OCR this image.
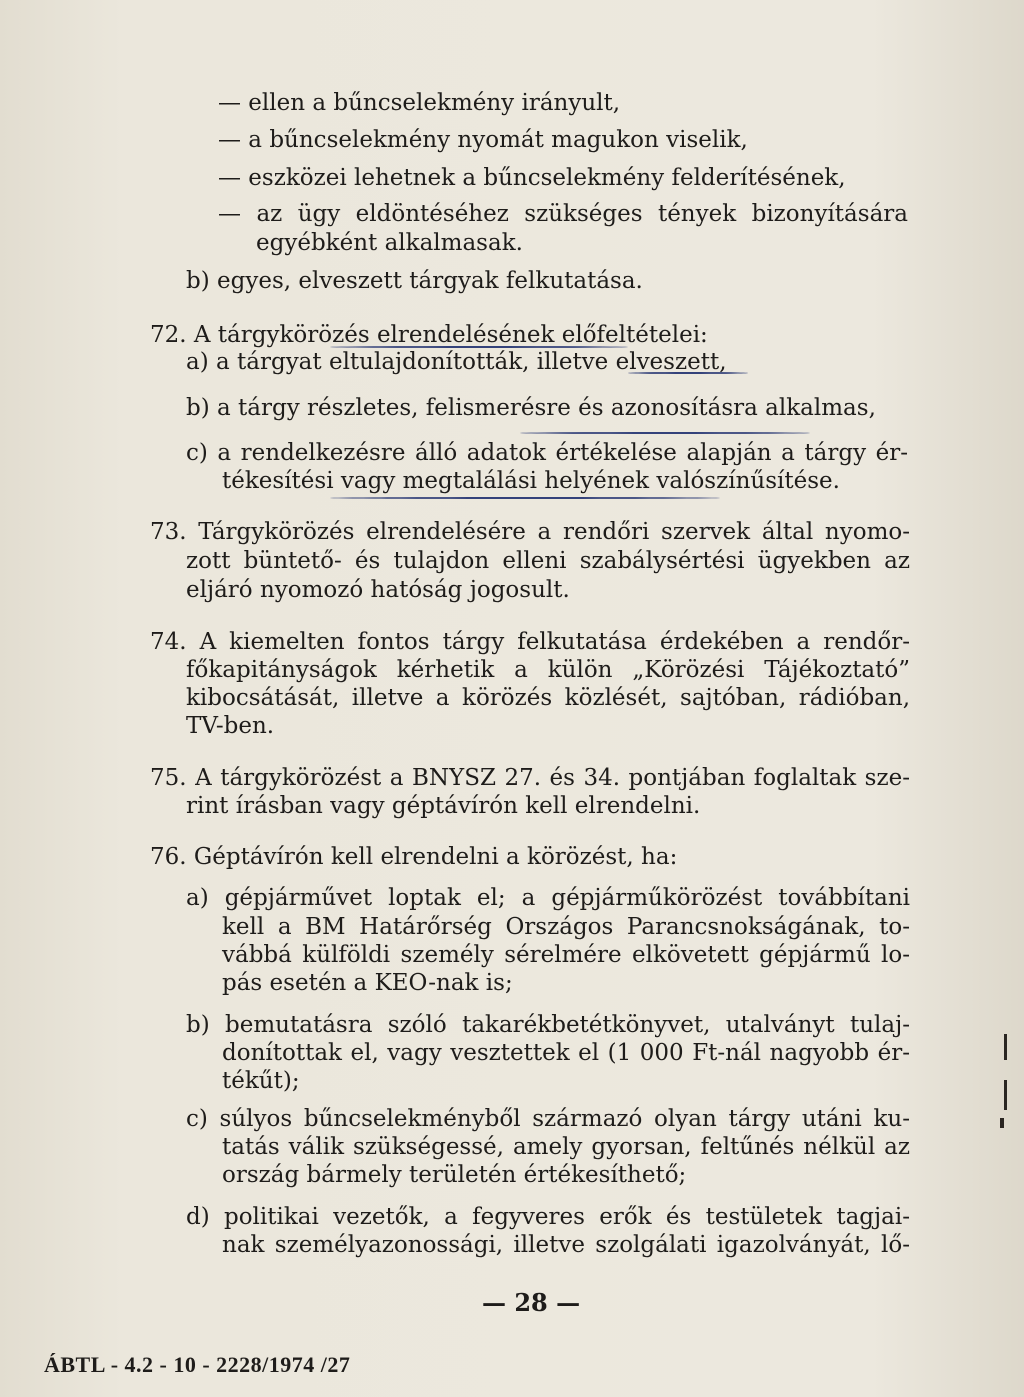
— ellen a bűncselekmény irányult,
— a bűncselekmény nyomát magukon viselik,
— eszközei lehetnek a bűncselekmény felderítésének,
— az ügy eldöntéséhez szükséges tények bizonyítására
egyébként alkalmasak.
b) egyes, elveszett tárgyak felkutatása.
72. A tárgykörözés elrendelésének előfeltételei:
a) a tárgyat eltulajdonították, illetve elveszett,
b) a tárgy részletes, felismerésre és azonosításra alkalmas,
c) a rendelkezésre álló adatok értékelése alapján a tárgy ér-
tékesítési vagy megtalálási helyének valószínűsítése.
73. Tárgykörözés elrendelésére a rendőri szervek által nyomo-
zott büntető- és tulajdon elleni szabálysértési ügyekben az
eljáró nyomozó hatóság jogosult.
74. A kiemelten fontos tárgy felkutatása érdekében a rendőr-
főkapitányságok kérhetik a külön „Körözési Tájékoztató”
kibocsátását, illetve a körözés közlését, sajtóban, rádióban,
TV-ben.
75. A tárgykörözést a BNYSZ 27. és 34. pontjában foglaltak sze-
rint írásban vagy géptávírón kell elrendelni.
76. Géptávírón kell elrendelni a körözést, ha:
a) gépjárművet loptak el; a gépjárműkörözést továbbítani
kell a BM Határőrség Országos Parancsnokságának, to-
vábbá külföldi személy sérelmére elkövetett gépjármű lo-
pás esetén a KEO-nak is;
b) bemutatásra szóló takarékbetétkönyvet, utalványt tulaj-
donítottak el, vagy vesztettek el (1 000 Ft-nál nagyobb ér-
tékűt);
c) súlyos bűncselekményből származó olyan tárgy utáni ku-
tatás válik szükségessé, amely gyorsan, feltűnés nélkül az
ország bármely területén értékesíthető;
d) politikai vezetők, a fegyveres erők és testületek tagjai-
nak személyazonossági, illetve szolgálati igazolványát, lő-
— 28 —
ÁBTL - 4.2 - 10 - 2228/1974 /27
